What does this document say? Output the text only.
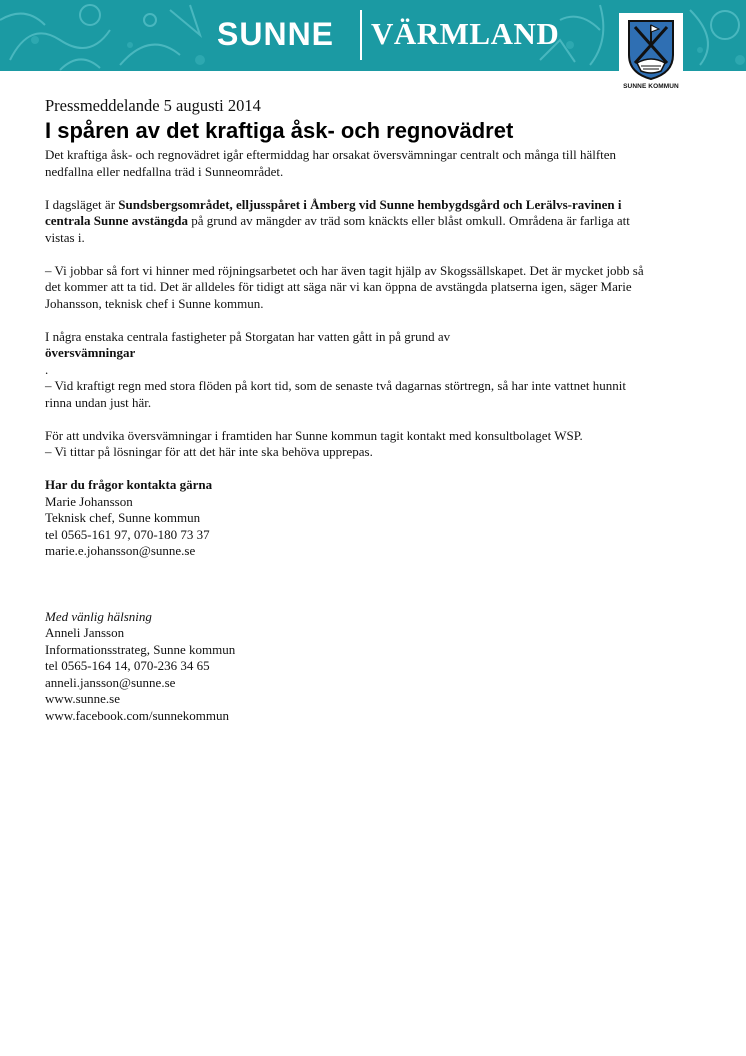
SUNNE VÄRMLAND
SUNNE KOMMUN
Pressmeddelande 5 augusti 2014
I spåren av det kraftiga åsk- och regnovädret

Det kraftiga åsk- och regnovädret igår eftermiddag har orsakat översvämningar centralt och många till hälften nedfallna eller nedfallna träd i Sunneområdet.

I dagsläget är Sundsbergsområdet, elljusspåret i Åmberg vid Sunne hembygdsgård och Lerälvs-ravinen i centrala Sunne avstängda på grund av mängder av träd som knäckts eller blåst omkull. Områdena är farliga att vistas i.

– Vi jobbar så fort vi hinner med röjningsarbetet och har även tagit hjälp av Skogssällskapet. Det är mycket jobb så det kommer att ta tid. Det är alldeles för tidigt att säga när vi kan öppna de avstängda platserna igen, säger Marie Johansson, teknisk chef i Sunne kommun.

I några enstaka centrala fastigheter på Storgatan har vatten gått in på grund av
översvämningar
.
– Vid kraftigt regn med stora flöden på kort tid, som de senaste två dagarnas störtregn, så har inte vattnet hunnit rinna undan just här.
För att undvika översvämningar i framtiden har Sunne kommun tagit kontakt med konsultbolaget WSP.
– Vi tittar på lösningar för att det här inte ska behöva upprepas.
Har du frågor kontakta gärna
Marie Johansson
Teknisk chef, Sunne kommun
tel 0565-161 97, 070-180 73 37
marie.e.johansson@sunne.se
Med vänlig hälsning
Anneli Jansson
Informationsstrateg, Sunne kommun
tel 0565-164 14, 070-236 34 65
anneli.jansson@sunne.se
www.sunne.se
www.facebook.com/sunnekommun
